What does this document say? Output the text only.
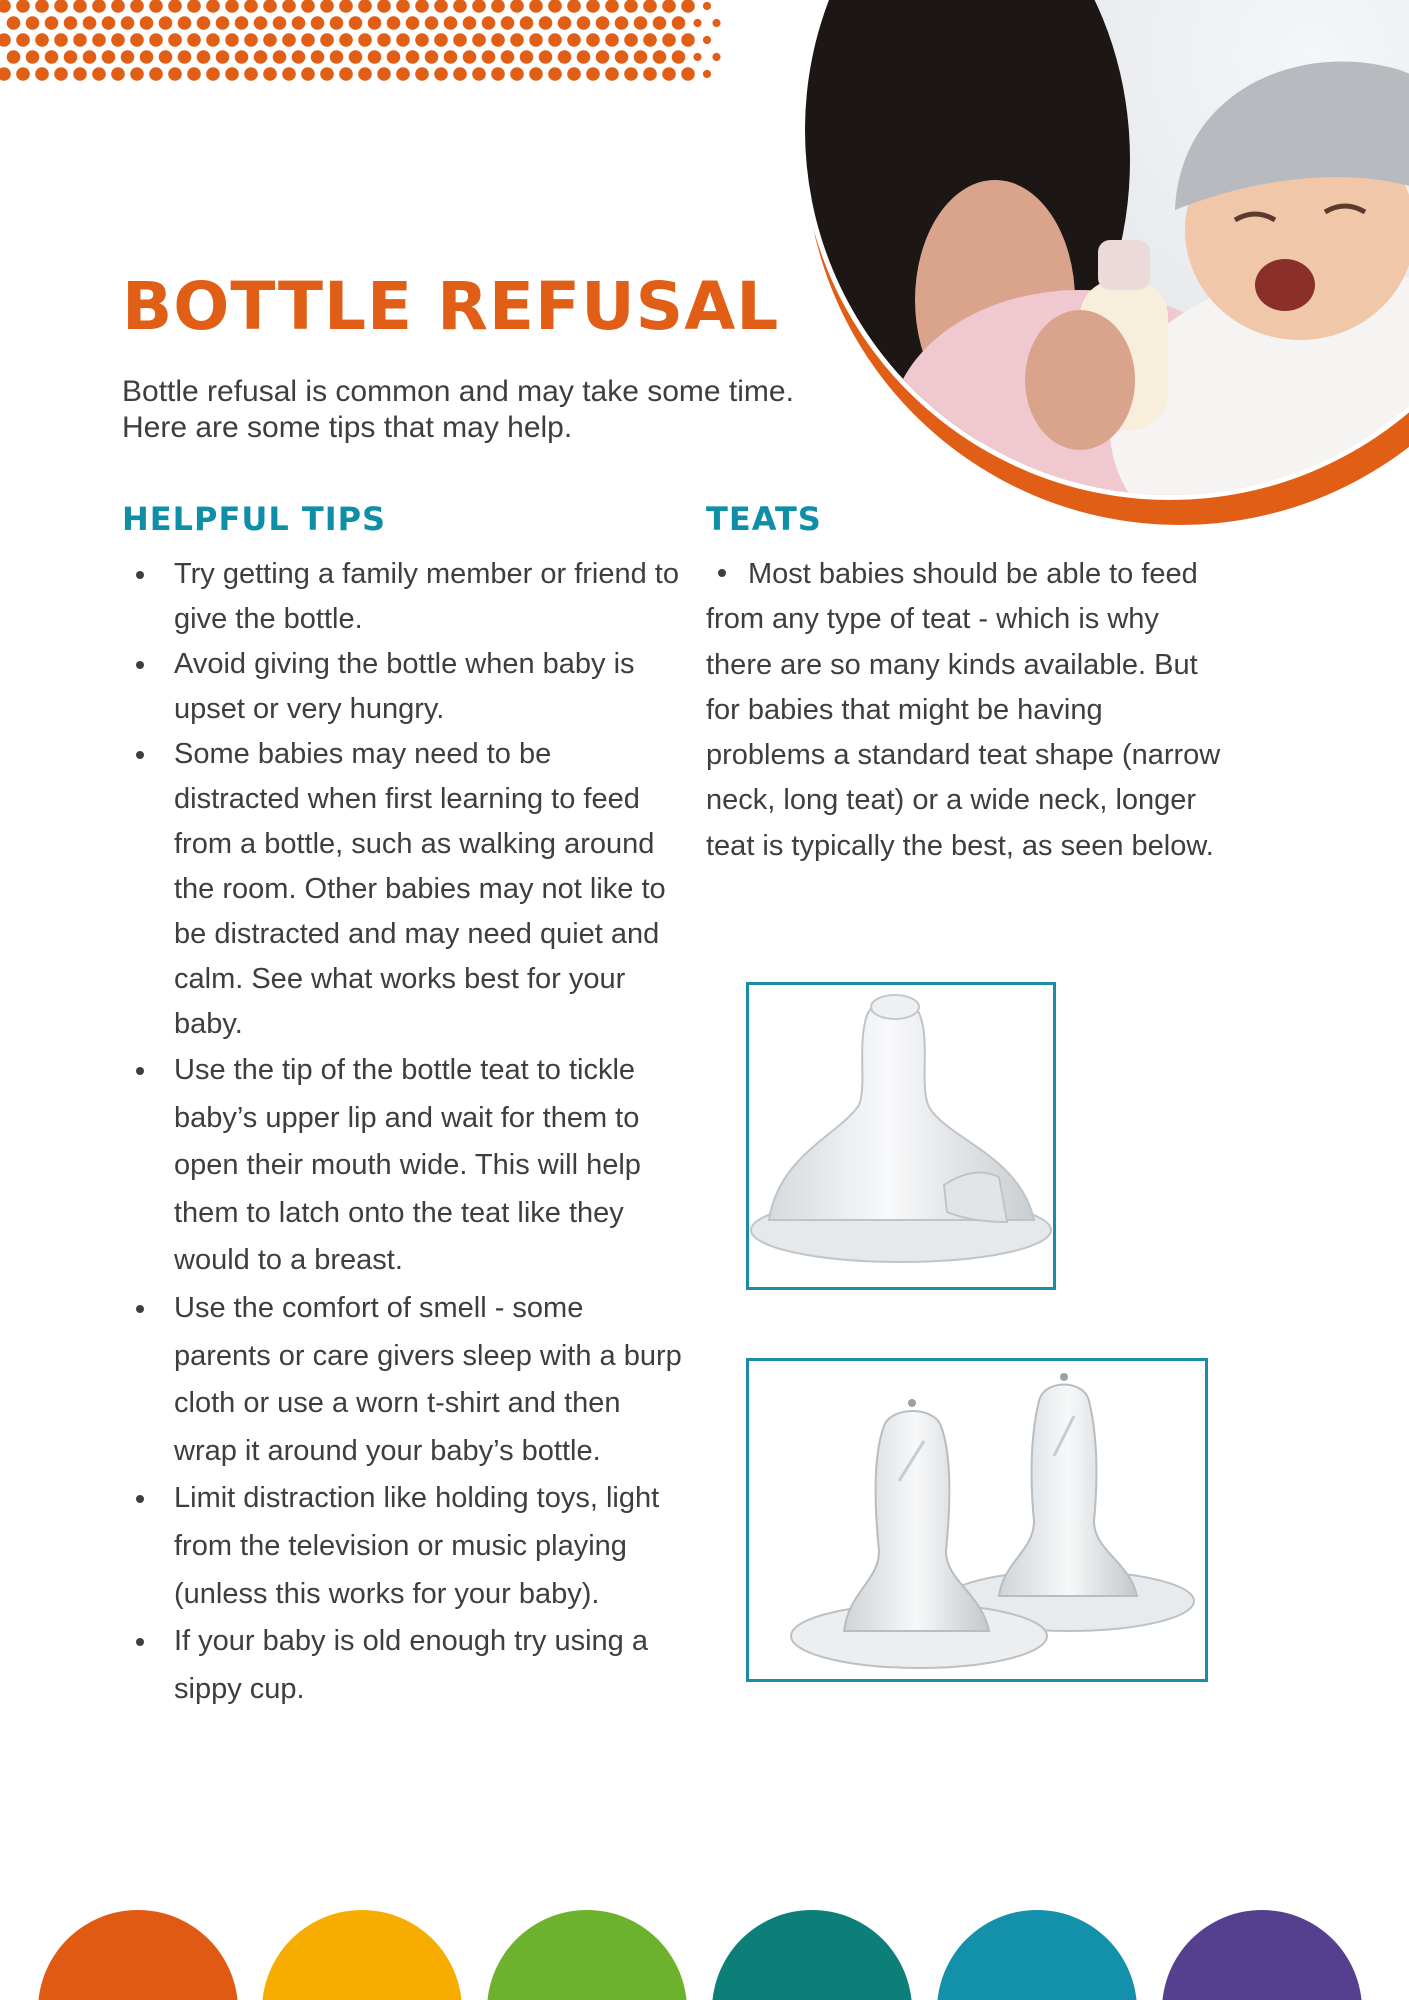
BOTTLE REFUSAL

Bottle refusal is common and may take some time. Here are some tips that may help.

HELPFUL TIPS	TEATS
Try getting a family member or friend to give the bottle.
Avoid giving the bottle when baby is upset or very hungry.
Some babies may need to be distracted when first learning to feed from a bottle, such as walking around the room. Other babies may not like to be distracted and may need quiet and calm. See what works best for your baby.
Use the tip of the bottle teat to tickle baby’s upper lip and wait for them to open their mouth wide. This will help them to latch onto the teat like they would to a breast.
Use the comfort of smell - some parents or care givers sleep with a burp cloth or use a worn t-shirt and then wrap it around your baby’s bottle.
Limit distraction like holding toys, light from the television or music playing (unless this works for your baby).
If your baby is old enough try using a sippy cup.

Most babies should be able to feed from any type of teat - which is why there are so many kinds available. But for babies that might be having problems a standard teat shape (narrow neck, long teat) or a wide neck, longer teat is typically the best, as seen below.
